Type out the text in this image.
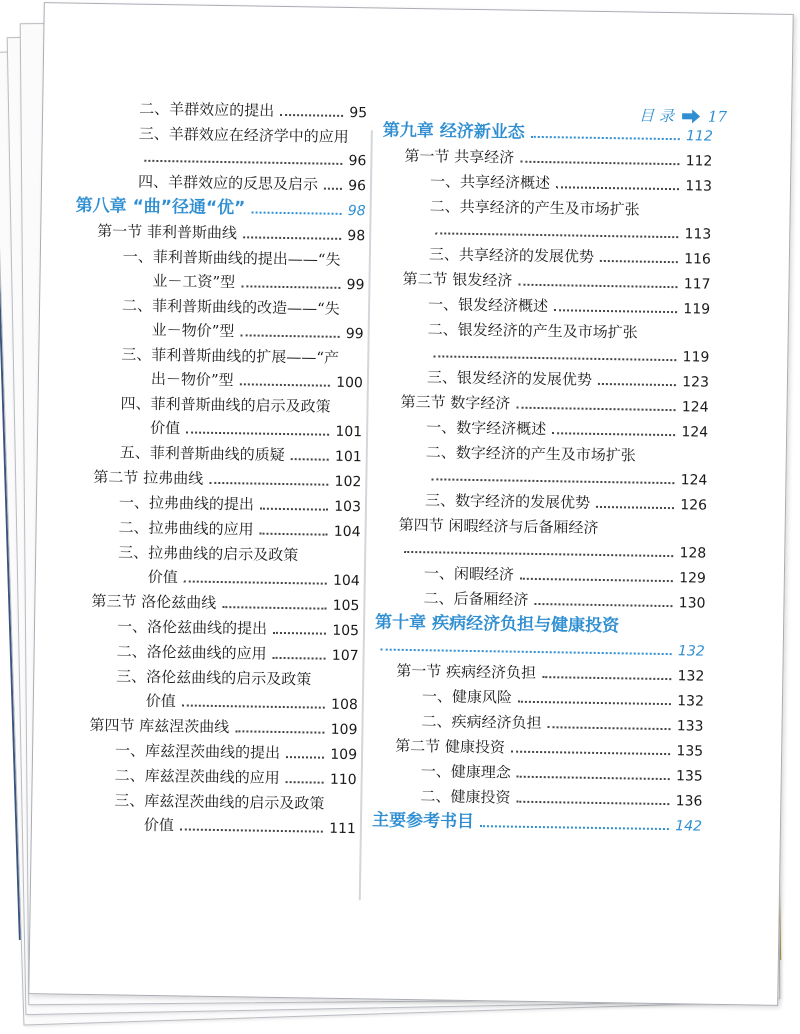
目 录 17
二、羊群效应的提出	95
三、羊群效应在经济学中的应用
96
四、羊群效应的反思及启示 96
第八章 “曲”径通“优”	98
第一节 菲利普斯曲线	98
一、菲利普斯曲线的提出——“失
业－工资”型	99
二、菲利普斯曲线的改造——“失
业－物价”型	99
三、菲利普斯曲线的扩展——“产
出－物价”型	100
四、菲利普斯曲线的启示及政策
价值	101
五、菲利普斯曲线的质疑	101
第二节 拉弗曲线	102
一、拉弗曲线的提出	103
二、拉弗曲线的应用	104
三、拉弗曲线的启示及政策
价值	104
第三节 洛伦兹曲线	105
一、洛伦兹曲线的提出	105
二、洛伦兹曲线的应用	107
三、洛伦兹曲线的启示及政策
价值	108
第四节 库兹涅茨曲线	109
一、库兹涅茨曲线的提出	109
二、库兹涅茨曲线的应用	110
三、库兹涅茨曲线的启示及政策
价值	111
第九章 经济新业态	112
第一节 共享经济	112
一、共享经济概述	113
二、共享经济的产生及市场扩张
113
三、共享经济的发展优势	116
第二节 银发经济	117
一、银发经济概述	119
二、银发经济的产生及市场扩张
119
三、银发经济的发展优势	123
第三节 数字经济	124
一、数字经济概述	124
二、数字经济的产生及市场扩张
124
三、数字经济的发展优势	126
第四节 闲暇经济与后备厢经济
128
一、闲暇经济	129
二、后备厢经济	130
第十章 疾病经济负担与健康投资
132
第一节 疾病经济负担	132
一、健康风险	132
二、疾病经济负担	133
第二节 健康投资	135
一、健康理念	135
二、健康投资	136
主要参考书目	142
